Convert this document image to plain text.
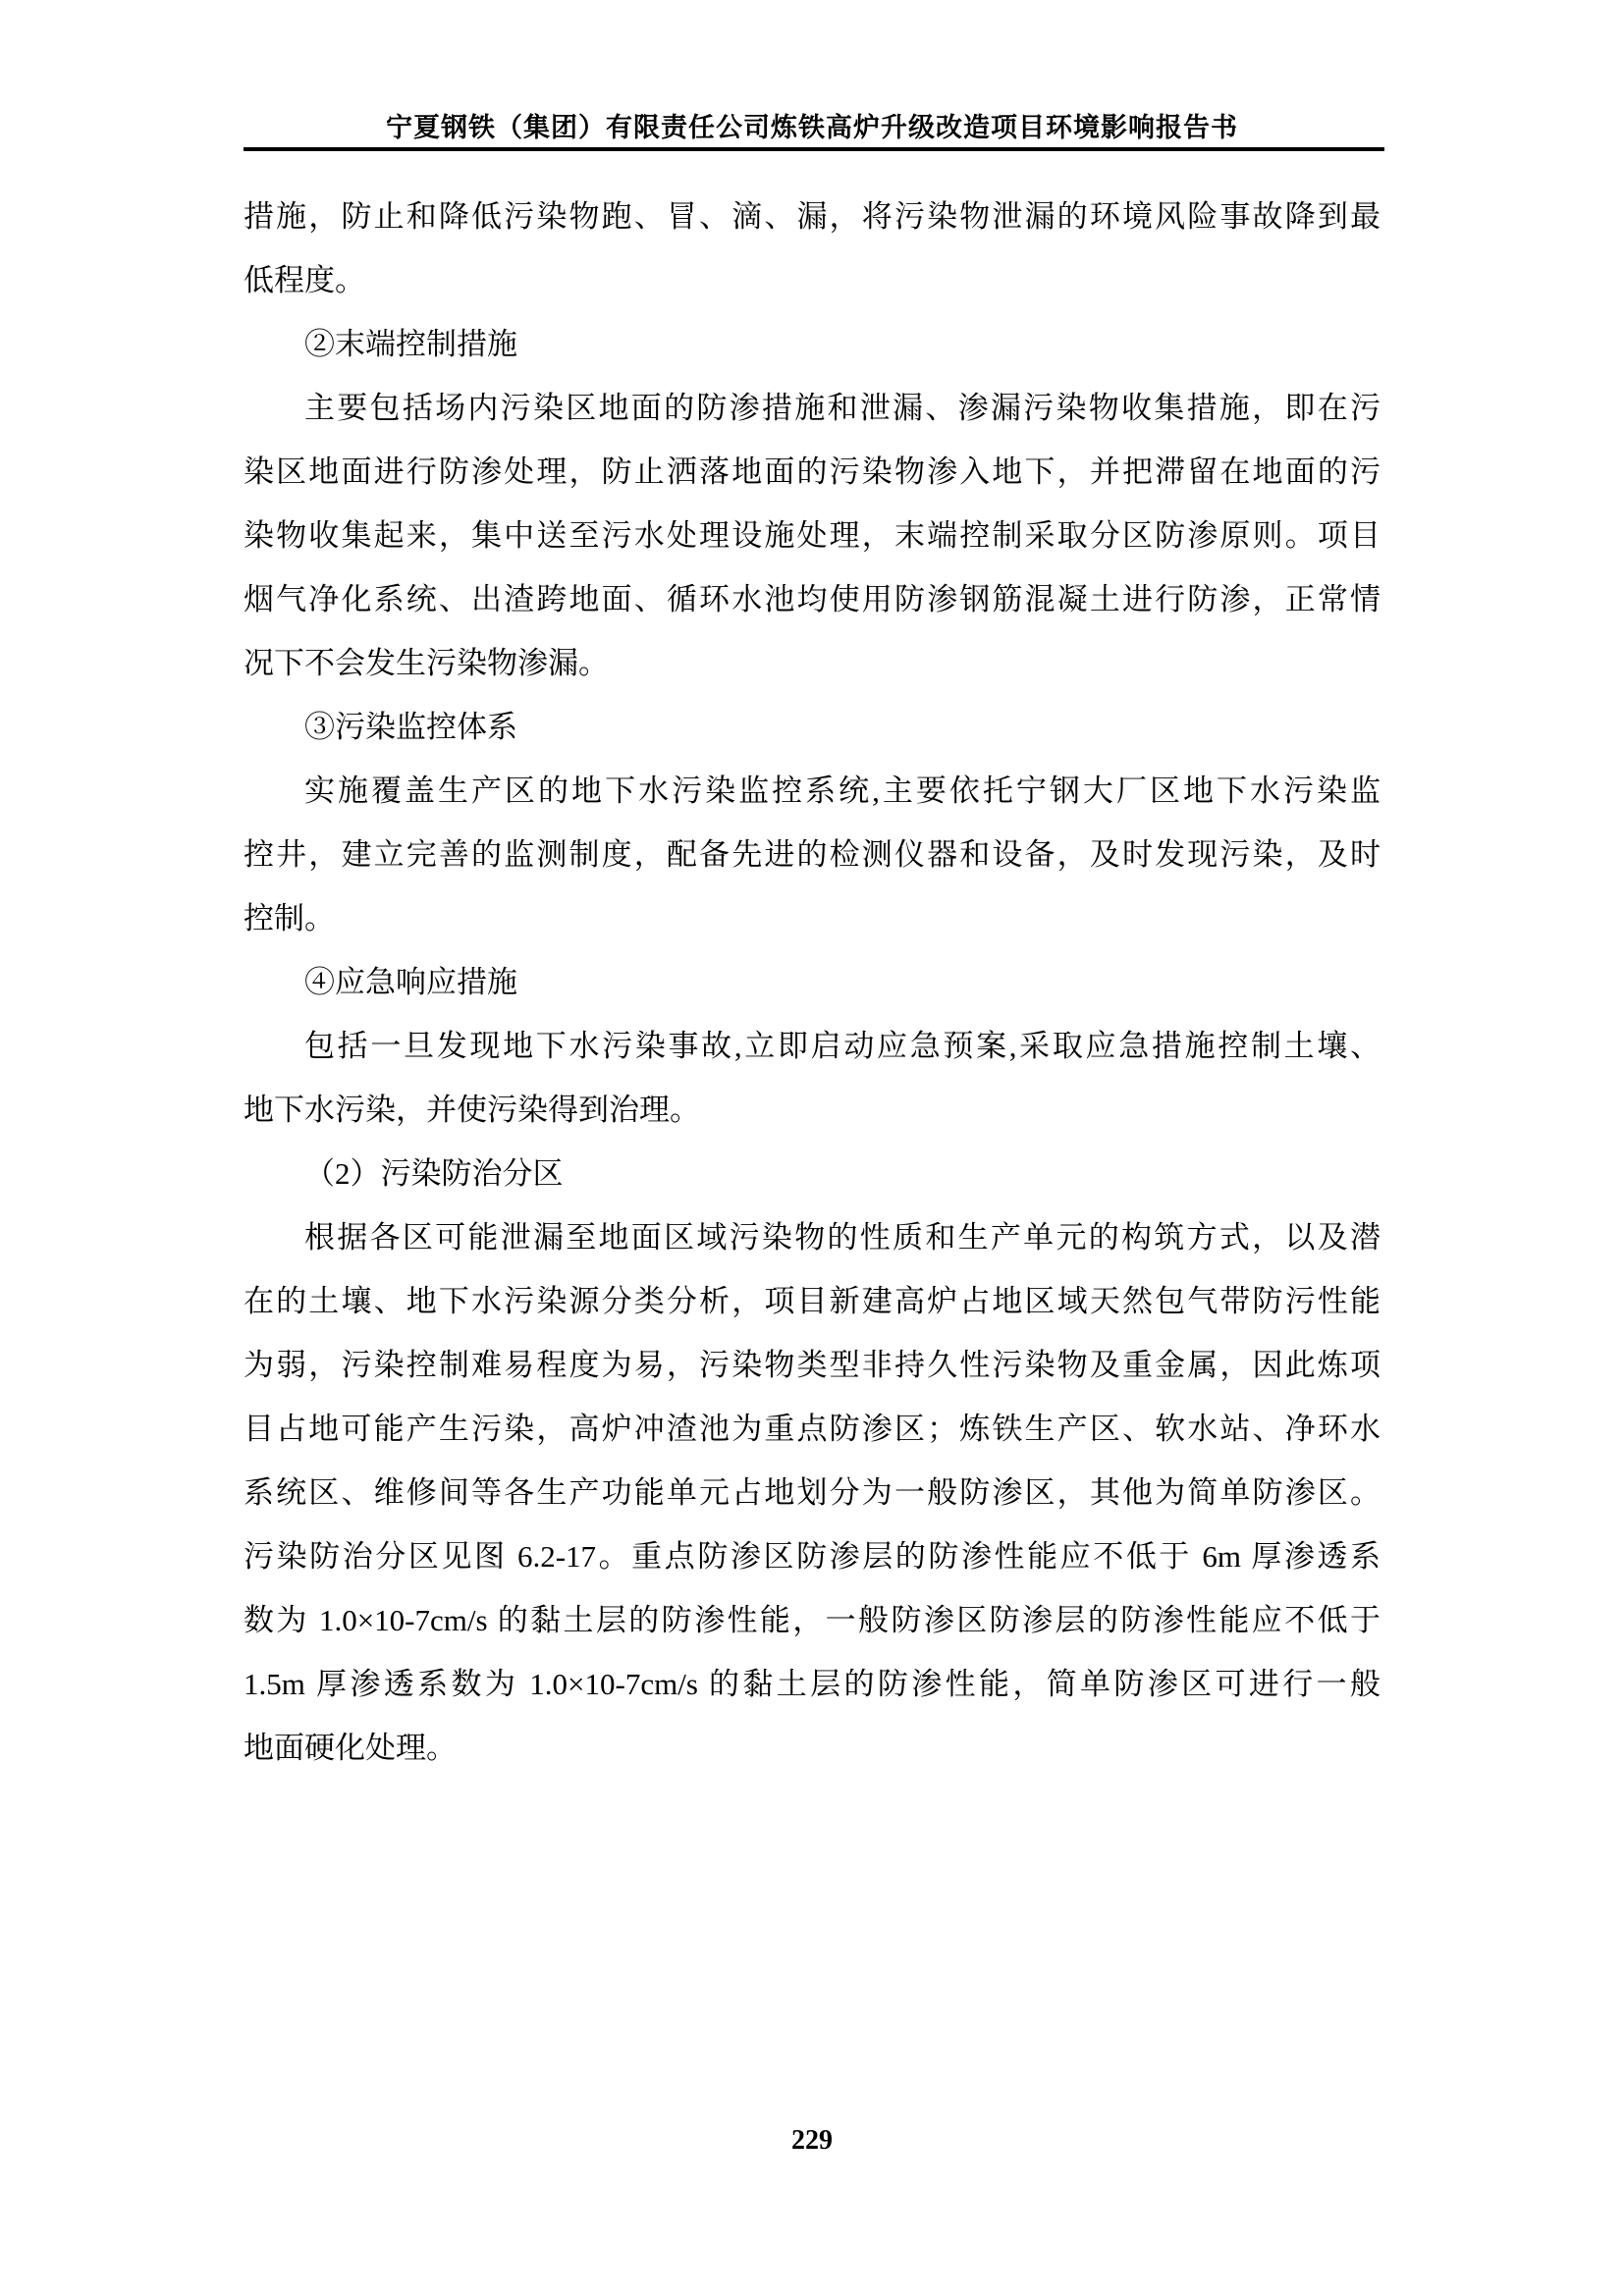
宁夏钢铁（集团）有限责任公司炼铁高炉升级改造项目环境影响报告书
措施，防止和降低污染物跑、冒、滴、漏，将污染物泄漏的环境风险事故降到最
低程度。
②末端控制措施
主要包括场内污染区地面的防渗措施和泄漏、渗漏污染物收集措施，即在污
染区地面进行防渗处理，防止洒落地面的污染物渗入地下，并把滞留在地面的污
染物收集起来，集中送至污水处理设施处理，末端控制采取分区防渗原则。项目
烟气净化系统、出渣跨地面、循环水池均使用防渗钢筋混凝土进行防渗，正常情
况下不会发生污染物渗漏。
③污染监控体系
实施覆盖生产区的地下水污染监控系统,主要依托宁钢大厂区地下水污染监
控井，建立完善的监测制度，配备先进的检测仪器和设备，及时发现污染，及时
控制。
④应急响应措施
包括一旦发现地下水污染事故,立即启动应急预案,采取应急措施控制土壤、
地下水污染，并使污染得到治理。
（2）污染防治分区
根据各区可能泄漏至地面区域污染物的性质和生产单元的构筑方式，以及潜
在的土壤、地下水污染源分类分析，项目新建高炉占地区域天然包气带防污性能
为弱，污染控制难易程度为易，污染物类型非持久性污染物及重金属，因此炼项
目占地可能产生污染，高炉冲渣池为重点防渗区；炼铁生产区、软水站、净环水
系统区、维修间等各生产功能单元占地划分为一般防渗区，其他为简单防渗区。
污染防治分区见图 6.2-17。重点防渗区防渗层的防渗性能应不低于 6m 厚渗透系
数为 1.0×10-7cm/s 的黏土层的防渗性能，一般防渗区防渗层的防渗性能应不低于
1.5m 厚渗透系数为 1.0×10-7cm/s 的黏土层的防渗性能，简单防渗区可进行一般
地面硬化处理。
229
